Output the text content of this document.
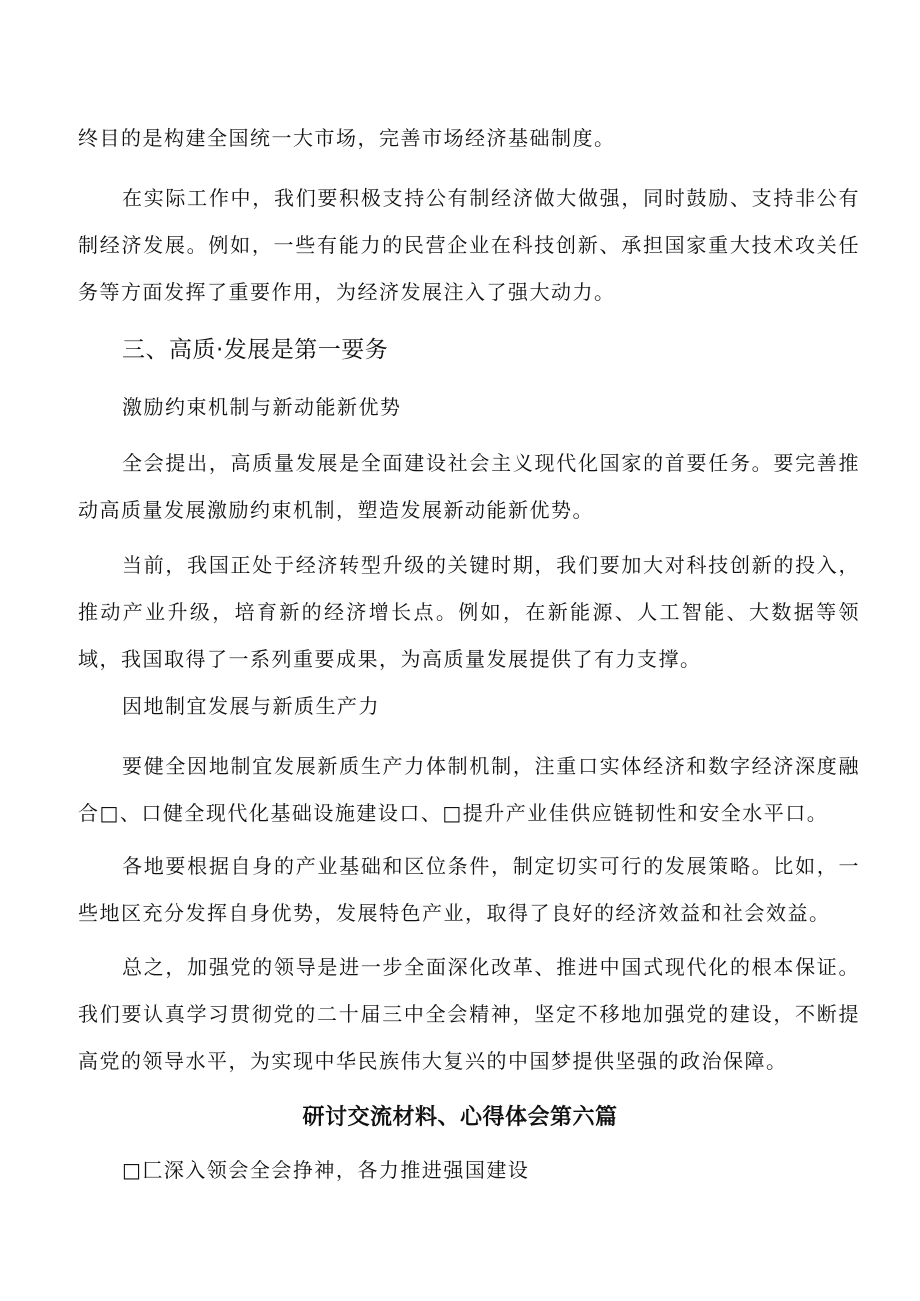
终目的是构建全国统一大市场，完善市场经济基础制度。

在实际工作中，我们要积极支持公有制经济做大做强，同时鼓励、支持非公有制经济发展。例如，一些有能力的民营企业在科技创新、承担国家重大技术攻关任务等方面发挥了重要作用，为经济发展注入了强大动力。

三、高质·发展是第一要务

激励约束机制与新动能新优势

全会提出，高质量发展是全面建设社会主义现代化国家的首要任务。要完善推动高质量发展激励约束机制，塑造发展新动能新优势。

当前，我国正处于经济转型升级的关键时期，我们要加大对科技创新的投入，推动产业升级，培育新的经济增长点。例如，在新能源、人工智能、大数据等领域，我国取得了一系列重要成果，为高质量发展提供了有力支撑。

因地制宜发展与新质生产力

要健全因地制宜发展新质生产力体制机制，注重口实体经济和数字经济深度融合□、口健全现代化基础设施建设口、□提升产业佳供应链韧性和安全水平口。

各地要根据自身的产业基础和区位条件，制定切实可行的发展策略。比如，一些地区充分发挥自身优势，发展特色产业，取得了良好的经济效益和社会效益。

总之，加强党的领导是进一步全面深化改革、推进中国式现代化的根本保证。我们要认真学习贯彻党的二十届三中全会精神，坚定不移地加强党的建设，不断提高党的领导水平，为实现中华民族伟大复兴的中国梦提供坚强的政治保障。

研讨交流材料、心得体会第六篇

□匚深入领会全会挣神，各力推进强国建设
